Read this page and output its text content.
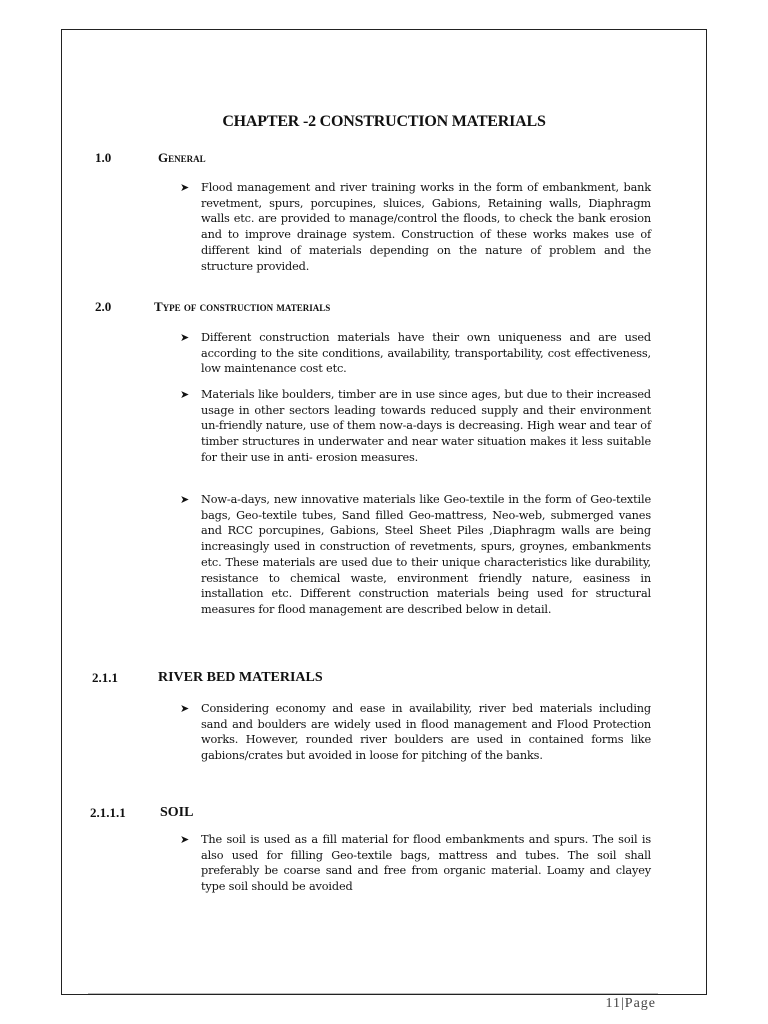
CHAPTER -2 CONSTRUCTION MATERIALS
1.0	General
➤ Flood management and river training works in the form of embankment, bank revetment, spurs, porcupines, sluices, Gabions, Retaining walls, Diaphragm walls etc. are provided to manage/control the floods, to check the bank erosion and to improve drainage system. Construction of these works makes use of different kind of materials depending on the nature of problem and the structure provided.

2.0	Type of construction materials
➤ Different construction materials have their own uniqueness and are used according to the site conditions, availability, transportability, cost effectiveness, low maintenance cost etc.

➤ Materials like boulders, timber are in use since ages, but due to their increased usage in other sectors leading towards reduced supply and their environment un-friendly nature, use of them now-a-days is decreasing. High wear and tear of timber structures in underwater and near water situation makes it less suitable for their use in anti- erosion measures.

➤ Now-a-days, new innovative materials like Geo-textile in the form of Geo-textile bags, Geo-textile tubes, Sand filled Geo-mattress, Neo-web, submerged vanes and RCC porcupines, Gabions, Steel Sheet Piles ,Diaphragm walls are being increasingly used in construction of revetments, spurs, groynes, embankments etc. These materials are used due to their unique characteristics like durability, resistance to chemical waste, environment friendly nature, easiness in installation etc. Different construction materials being used for structural measures for flood management are described below in detail.

2.1.1	RIVER BED MATERIALS
➤ Considering economy and ease in availability, river bed materials including sand and boulders are widely used in flood management and Flood Protection works. However, rounded river boulders are used in contained forms like gabions/crates but avoided in loose for pitching of the banks.

2.1.1.1 SOIL
➤ The soil is used as a fill material for flood embankments and spurs. The soil is also used for filling Geo-textile bags, mattress and tubes. The soil shall preferably be coarse sand and free from organic material. Loamy and clayey type soil should be avoided

11|Page
